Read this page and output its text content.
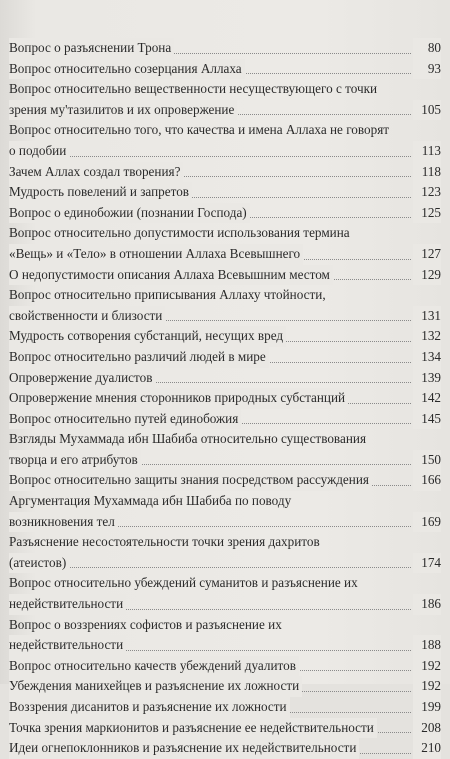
Вопрос о разъяснении Трона	80
Вопрос относительно созерцания Аллаха	93
Вопрос относительно вещественности несуществующего с точки
зрения му'тазилитов и их опровержение	105
Вопрос относительно того, что качества и имена Аллаха не говорят
о подобии	113
Зачем Аллах создал творения?	118
Мудрость повелений и запретов	123
Вопрос о единобожии (познании Господа)	125
Вопрос относительно допустимости использования термина
«Вещь» и «Тело» в отношении Аллаха Всевышнего	127
О недопустимости описания Аллаха Всевышним местом	129
Вопрос относительно приписывания Аллаху чтойности,
свойственности и близости	131
Мудрость сотворения субстанций, несущих вред	132
Вопрос относительно различий людей в мире	134
Опровержение дуалистов	139
Опровержение мнения сторонников природных субстанций	142
Вопрос относительно путей единобожия	145
Взгляды Мухаммада ибн Шабиба относительно существования
творца и его атрибутов	150
Вопрос относительно защиты знания посредством рассуждения	166
Аргументация Мухаммада ибн Шабиба по поводу
возникновения тел	169
Разъяснение несостоятельности точки зрения дахритов
(атеистов)	174
Вопрос относительно убеждений суманитов и разъяснение их
недействительности	186
Вопрос о воззрениях софистов и разъяснение их
недействительности	188
Вопрос относительно качеств убеждений дуалитов	192
Убеждения манихейцев и разъяснение их ложности	192
Воззрения дисанитов и разъяснение их ложности	199
Точка зрения маркионитов и разъяснение ее недействительности	208
Идеи огнепоклонников и разъяснение их недействительности	210
